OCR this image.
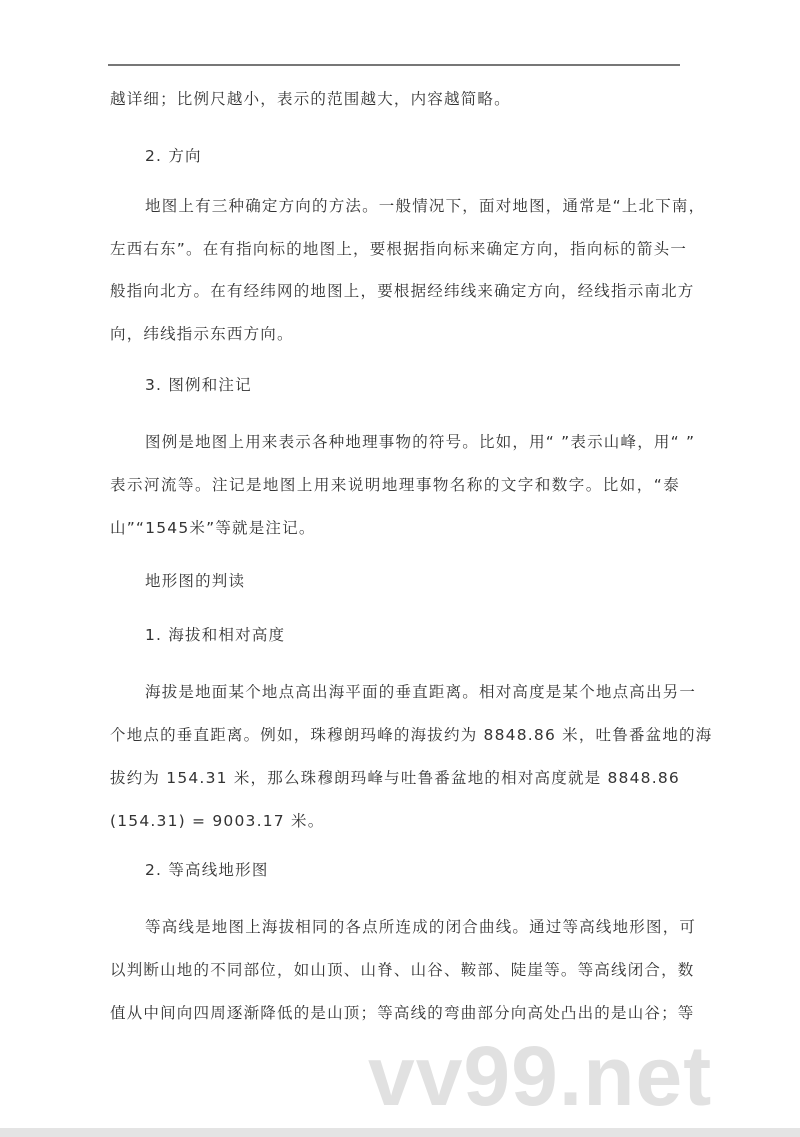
越详细；比例尺越小，表示的范围越大，内容越简略。
2. 方向
地图上有三种确定方向的方法。一般情况下，面对地图，通常是“上北下南，
左西右东”。在有指向标的地图上，要根据指向标来确定方向，指向标的箭头一
般指向北方。在有经纬网的地图上，要根据经纬线来确定方向，经线指示南北方
向，纬线指示东西方向。
3. 图例和注记
图例是地图上用来表示各种地理事物的符号。比如，用“ ”表示山峰，用“ ”
表示河流等。注记是地图上用来说明地理事物名称的文字和数字。比如，“泰
山”“1545米”等就是注记。
地形图的判读
1. 海拔和相对高度
海拔是地面某个地点高出海平面的垂直距离。相对高度是某个地点高出另一
个地点的垂直距离。例如，珠穆朗玛峰的海拔约为 8848.86 米，吐鲁番盆地的海
拔约为 154.31 米，那么珠穆朗玛峰与吐鲁番盆地的相对高度就是 8848.86
(154.31) = 9003.17 米。
2. 等高线地形图
等高线是地图上海拔相同的各点所连成的闭合曲线。通过等高线地形图，可
以判断山地的不同部位，如山顶、山脊、山谷、鞍部、陡崖等。等高线闭合，数
值从中间向四周逐渐降低的是山顶；等高线的弯曲部分向高处凸出的是山谷；等
vv99.net
